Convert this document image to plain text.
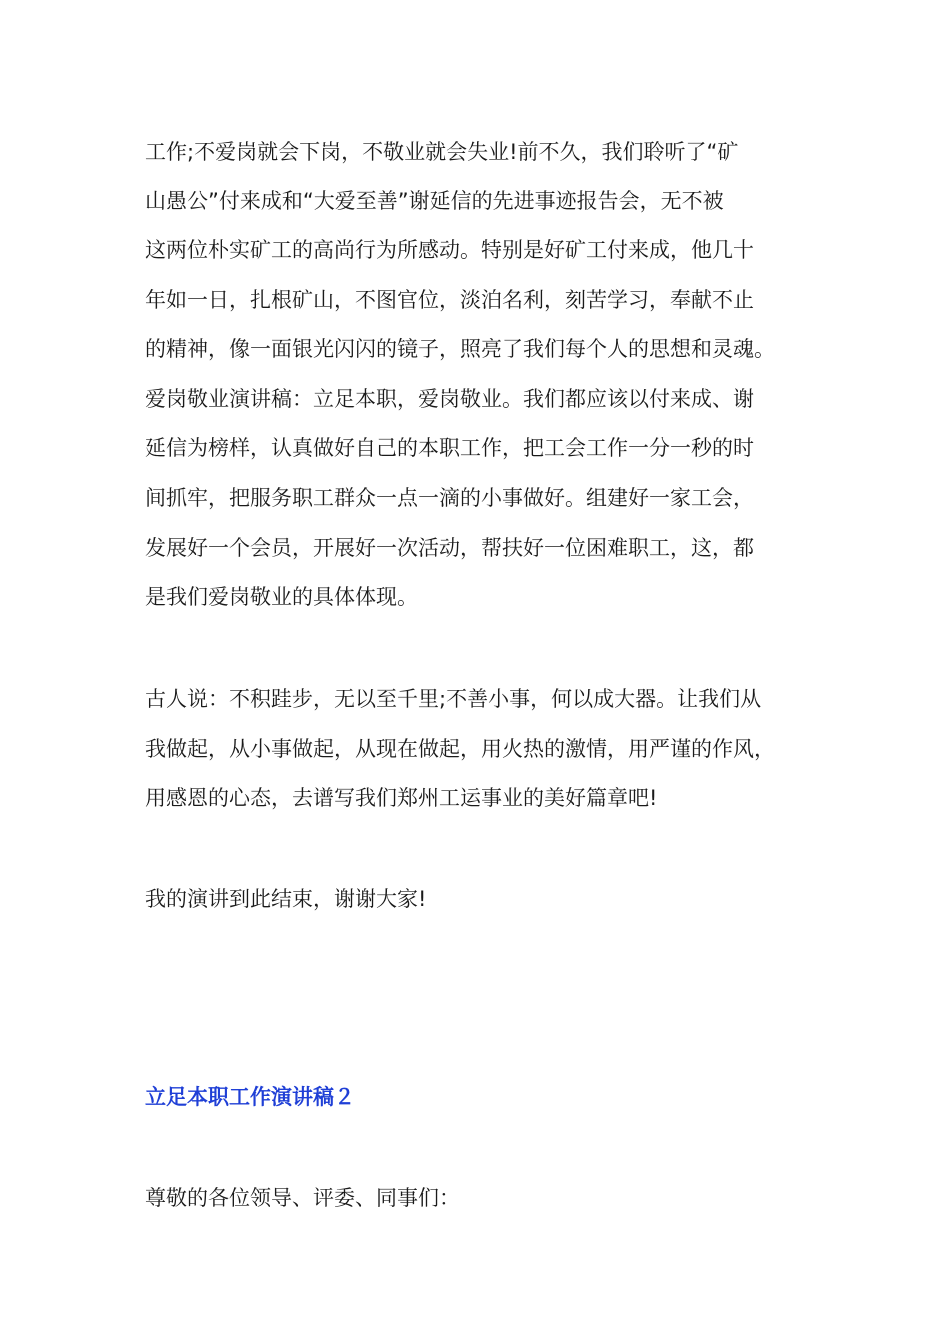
工作;不爱岗就会下岗，不敬业就会失业!前不久，我们聆听了“矿
山愚公”付来成和“大爱至善”谢延信的先进事迹报告会，无不被
这两位朴实矿工的高尚行为所感动。特别是好矿工付来成，他几十
年如一日，扎根矿山，不图官位，淡泊名利，刻苦学习，奉献不止
的精神，像一面银光闪闪的镜子，照亮了我们每个人的思想和灵魂。
爱岗敬业演讲稿：立足本职，爱岗敬业。我们都应该以付来成、谢
延信为榜样，认真做好自己的本职工作，把工会工作一分一秒的时
间抓牢，把服务职工群众一点一滴的小事做好。组建好一家工会，
发展好一个会员，开展好一次活动，帮扶好一位困难职工，这，都
是我们爱岗敬业的具体体现。
古人说：不积跬步，无以至千里;不善小事，何以成大器。让我们从
我做起，从小事做起，从现在做起，用火热的激情，用严谨的作风，
用感恩的心态，去谱写我们郑州工运事业的美好篇章吧!
我的演讲到此结束，谢谢大家!
立足本职工作演讲稿２
尊敬的各位领导、评委、同事们：
